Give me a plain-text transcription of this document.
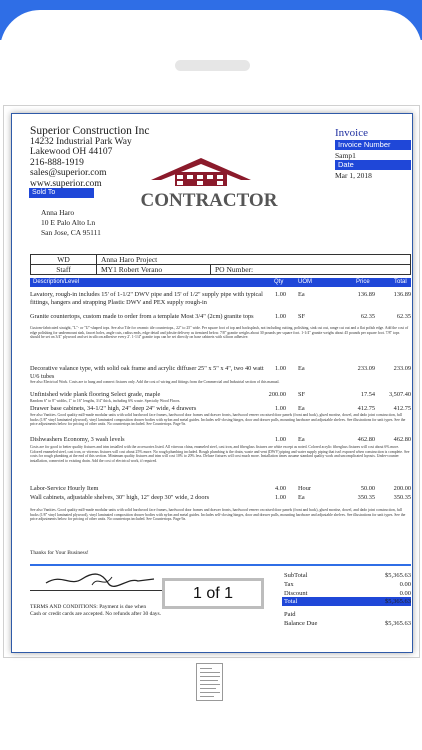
Superior Construction Inc
14232 Industrial Park Way
Lakewood OH 44107
216-888-1919
sales@superior.com
www.superior.com
Invoice
Invoice Number
Samp1
Date
Mar 1, 2018
CONTRACTOR
Sold To
Anna Haro
10 E Palo Alto Ln
San Jose, CA 95111
WD	Anna Haro Project	
Staff	MY1 Robert Verano	PO Number:
Description/Level	Qty UOM	Price	Total
Lavatory, rough-in includes 15' of 1-1/2" DWV pipe and 15' of 1/2" supply pipe with typical fittings, hangers and strapping Plastic DWV and PEX supply rough-in
1.00 Ea	136.89	136.89
Granite countertops, custom made to order from a template Most 3/4" (2cm) granite tops	1.00 SF	62.35	62.35
Custom-fabricated straight, "L"- or "U"-shaped tops. See also Tile for ceramic tile countertops., 22" to 25" wide. Per square foot of top and backsplash, not including cutting, polishing, sink cut out, range cut out and a flat polish edge. Add the cost of edge polishing for undermount sink, faucet holes, angle cuts, radius ends, edge detail and jobsite delivery as itemized below. 7/8" granite weighs about 30 pounds per square foot. 1-1/4" granite weighs about 45 pounds per square foot. 7/8" tops should be set on 3/4" plywood and set in silicon adhesive every 2'. 1-1/4" granite tops can be set directly on base cabinets with silicon adhesive.
Decorative valance type, with solid oak frame and acrylic diffuser 25" x 5" x 4", two 40 watt U/6 tubes
1.00 Ea	233.09	233.09
See also Electrical Work. Costs are to hang and connect fixtures only. Add the cost of wiring and fittings from the Commercial and Industrial section of this manual.
Unfinished wide plank flooring Select grade, maple	200.00 SF	17.54	3,507.40
Random 6" to 8" widths, 1" to 16" lengths, 3/4" thick, including 6% waste. Specialty Wood Floors.
Drawer base cabinets, 34-1/2" high, 24" deep 24" wide, 4 drawers	1.00 Ea	412.75	412.75
See also Vanities. Good quality mill-made modular units with solid hardwood face frames, hardwood door frames and drawer fronts, hardwood veneer on raised door panels (front and back), glued mortise, dowel, and dado joint construction, full backs (1/8" vinyl laminated plywood), vinyl laminated composition drawer bodies with nylon and metal guides. Includes self-closing hinges, door and drawer pulls, mounting hardware and adjustable shelves. See illustrations for unit types. See the price adjustments below for pricing of other units. No countertops included. See Countertops. Page 9a.
Dishwashers Economy, 3 wash levels	1.00 Ea	462.80	462.80
Costs are for good to better quality fixtures and trim installed with the accessories listed. All vitreous china, enameled steel, cast iron, and fiberglass fixtures are white except as noted. Colored acrylic fiberglass fixtures will cost about 6% more. Colored enameled steel, cast iron, or vitreous fixtures will cost about 25% more. No rough plumbing included. Rough plumbing is the drain, waste and vent (DWV) piping and water supply piping that isn't exposed when construction is complete. See costs for rough plumbing at the end of this section. Minimum quality fixtures and trim will cost 10% to 20% less. Deluxe fixtures will cost much more. Installation times assume standard quality work and uncomplicated layouts. Under-counter installation, connected to existing drain. Add the cost of electrical work, if required.
Labor-Service Hourly Item	4.00 Hour	50.00	200.00
Wall cabinets, adjustable shelves, 30" high, 12" deep 30" wide, 2 doors	1.00 Ea	350.35	350.35
See also Vanities. Good quality mill-made modular units with solid hardwood face frames, hardwood door frames and drawer fronts, hardwood veneer on raised door panels (front and back), glued mortise, dowel, and dado joint construction, full backs (1/8" vinyl laminated plywood), vinyl laminated composition drawer bodies with nylon and metal guides. Includes self-closing hinges, door and drawer pulls, mounting hardware and adjustable shelves. See illustrations for unit types. See the price adjustments below for pricing of other units. No countertops included. See Countertops. Page 9a.
Thanks for Your Business!
TERMS AND CONDITIONS: Payment is due when
Cash or credit cards are accepted. No refunds after 30 days.
SubTotal	$5,365.63
Tax	0.00
Discount	0.00
Total	$5,365.63
Paid
Balance Due	$5,365.63
1 of 1
